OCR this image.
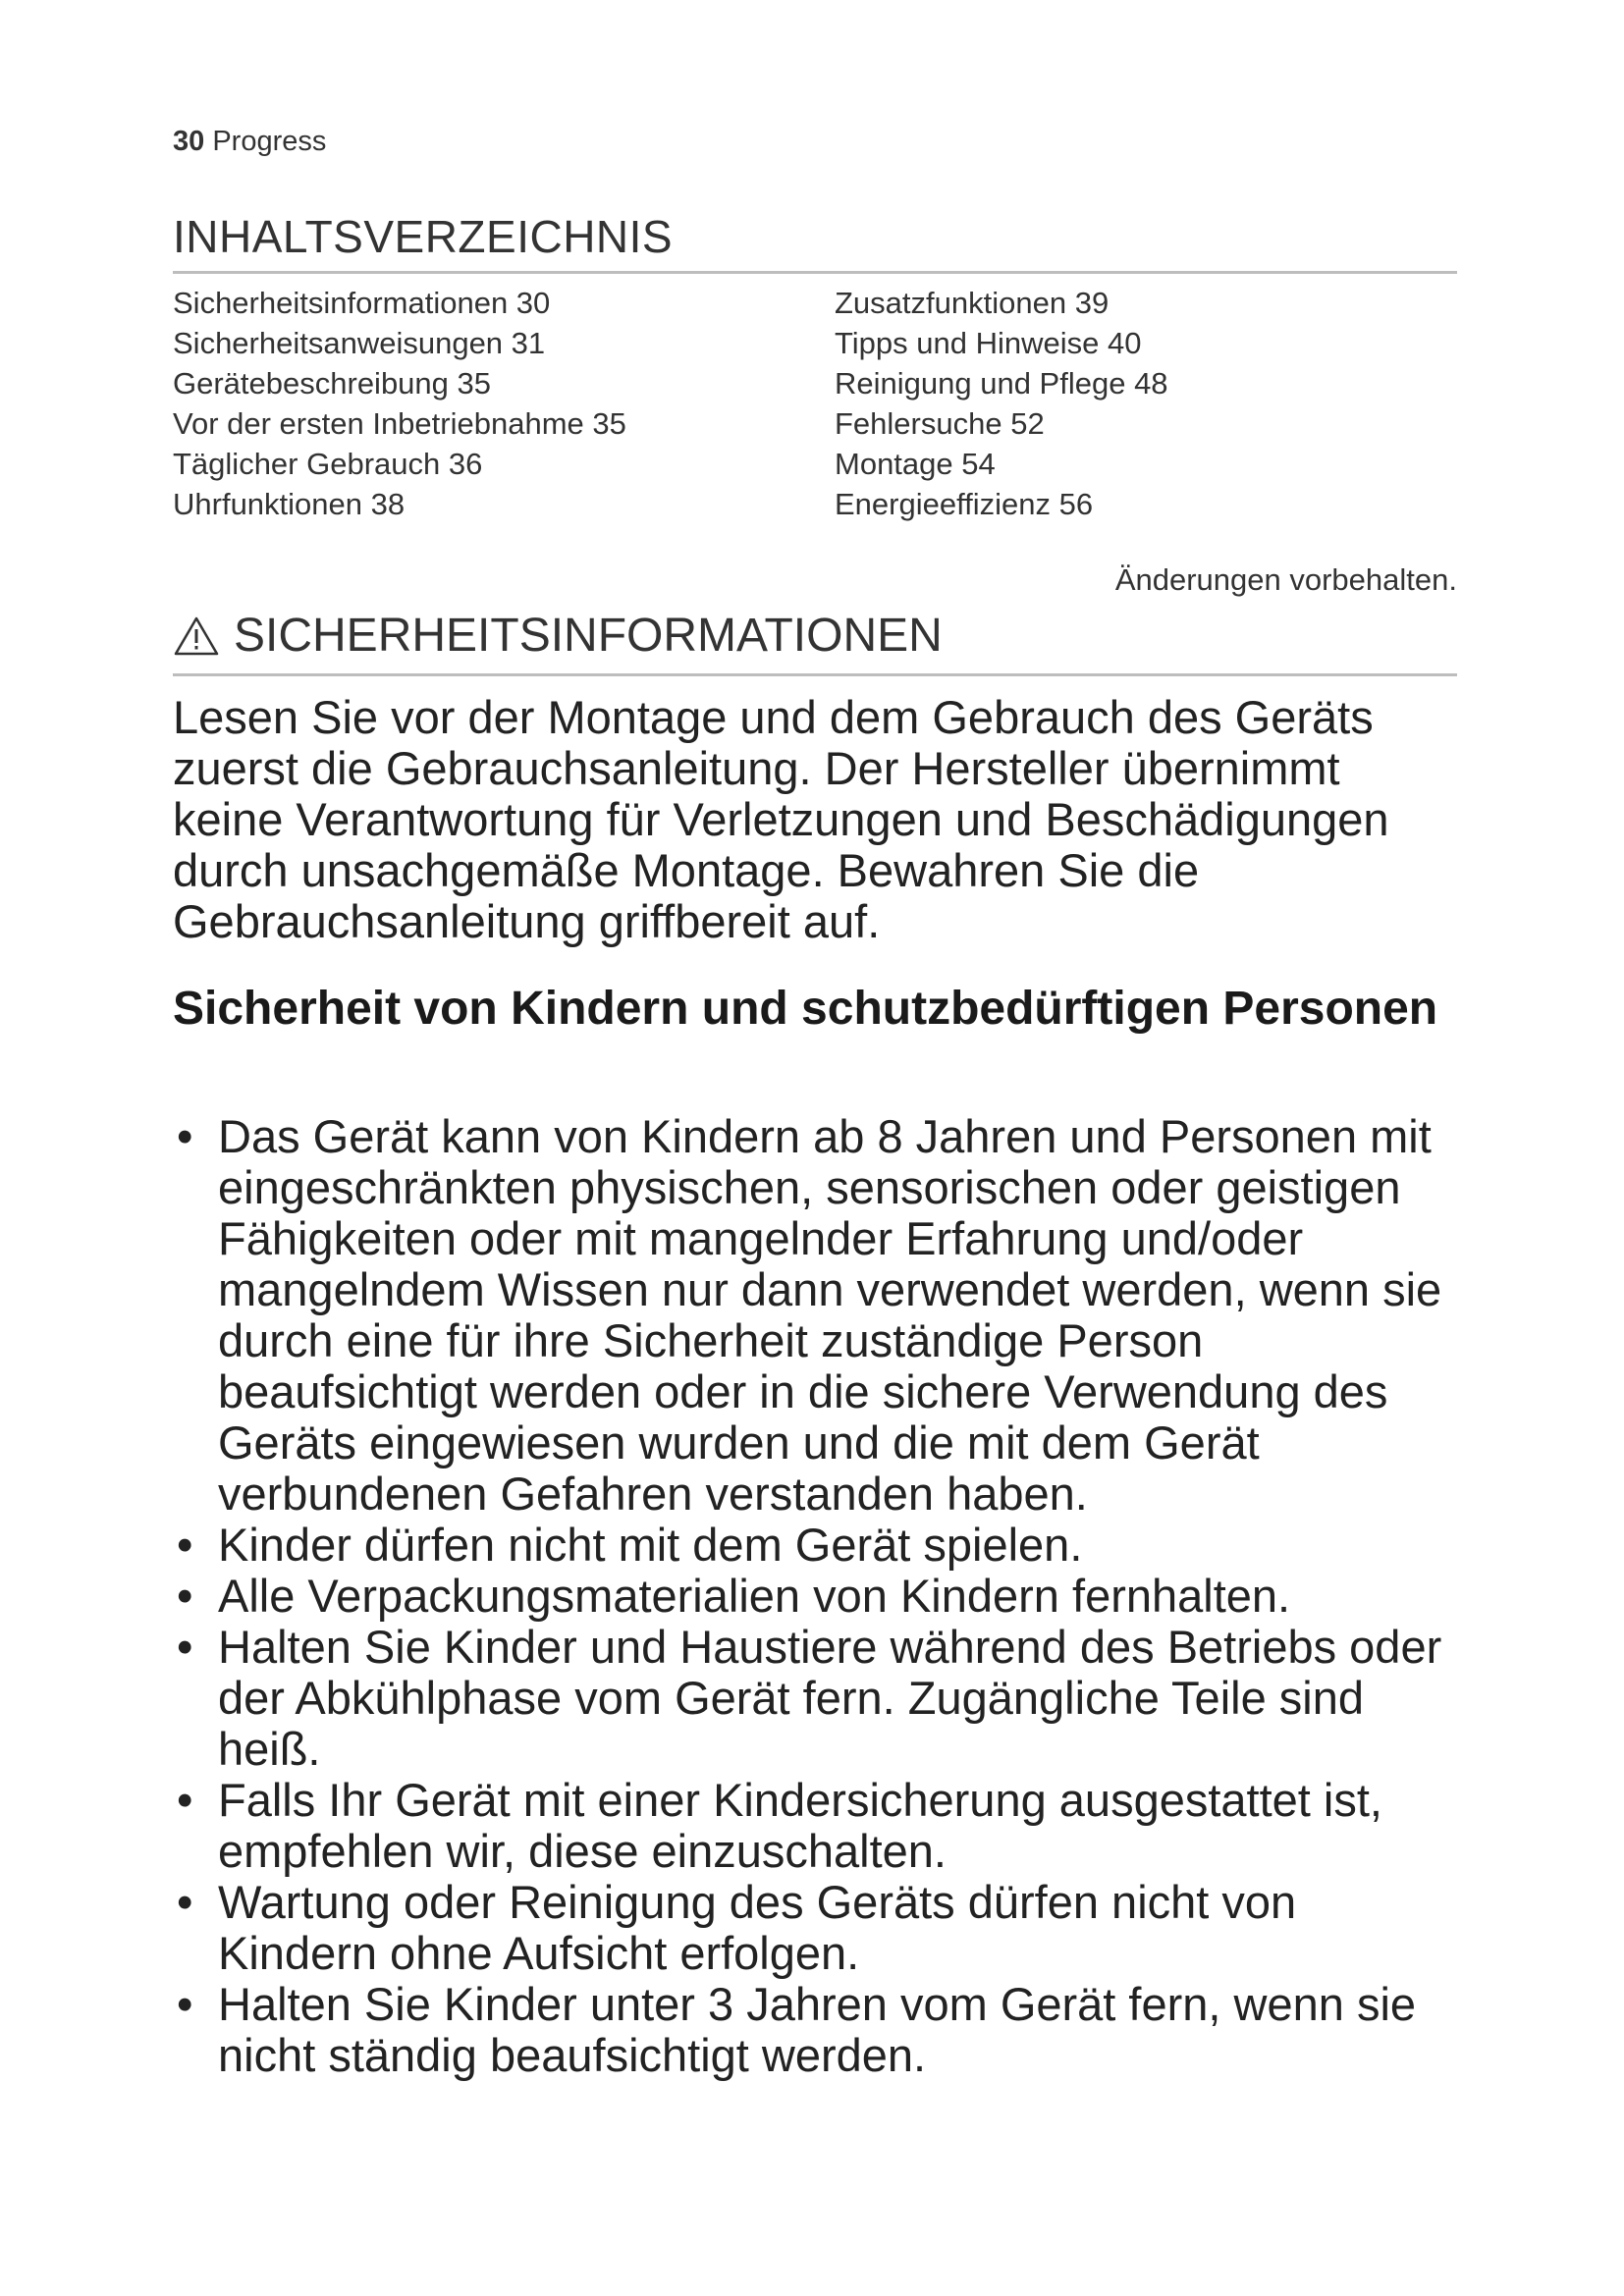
30 Progress
INHALTSVERZEICHNIS
Sicherheitsinformationen 30
Sicherheitsanweisungen 31
Gerätebeschreibung 35
Vor der ersten Inbetriebnahme 35
Täglicher Gebrauch 36
Uhrfunktionen 38
Zusatzfunktionen 39
Tipps und Hinweise 40
Reinigung und Pflege 48
Fehlersuche 52
Montage 54
Energieeffizienz 56
Änderungen vorbehalten.
SICHERHEITSINFORMATIONEN
Lesen Sie vor der Montage und dem Gebrauch des Geräts zuerst die Gebrauchsanleitung. Der Hersteller übernimmt keine Verantwortung für Verletzungen und Beschädigungen durch unsachgemäße Montage. Bewahren Sie die Gebrauchsanleitung griffbereit auf.
Sicherheit von Kindern und schutzbedürftigen Personen
• Das Gerät kann von Kindern ab 8 Jahren und Personen mit eingeschränkten physischen, sensorischen oder geistigen Fähigkeiten oder mit mangelnder Erfahrung und/oder mangelndem Wissen nur dann verwendet werden, wenn sie durch eine für ihre Sicherheit zuständige Person beaufsichtigt werden oder in die sichere Verwendung des Geräts eingewiesen wurden und die mit dem Gerät verbundenen Gefahren verstanden haben.
• Kinder dürfen nicht mit dem Gerät spielen.
• Alle Verpackungsmaterialien von Kindern fernhalten.
• Halten Sie Kinder und Haustiere während des Betriebs oder der Abkühlphase vom Gerät fern. Zugängliche Teile sind heiß.
• Falls Ihr Gerät mit einer Kindersicherung ausgestattet ist, empfehlen wir, diese einzuschalten.
• Wartung oder Reinigung des Geräts dürfen nicht von Kindern ohne Aufsicht erfolgen.
• Halten Sie Kinder unter 3 Jahren vom Gerät fern, wenn sie nicht ständig beaufsichtigt werden.
